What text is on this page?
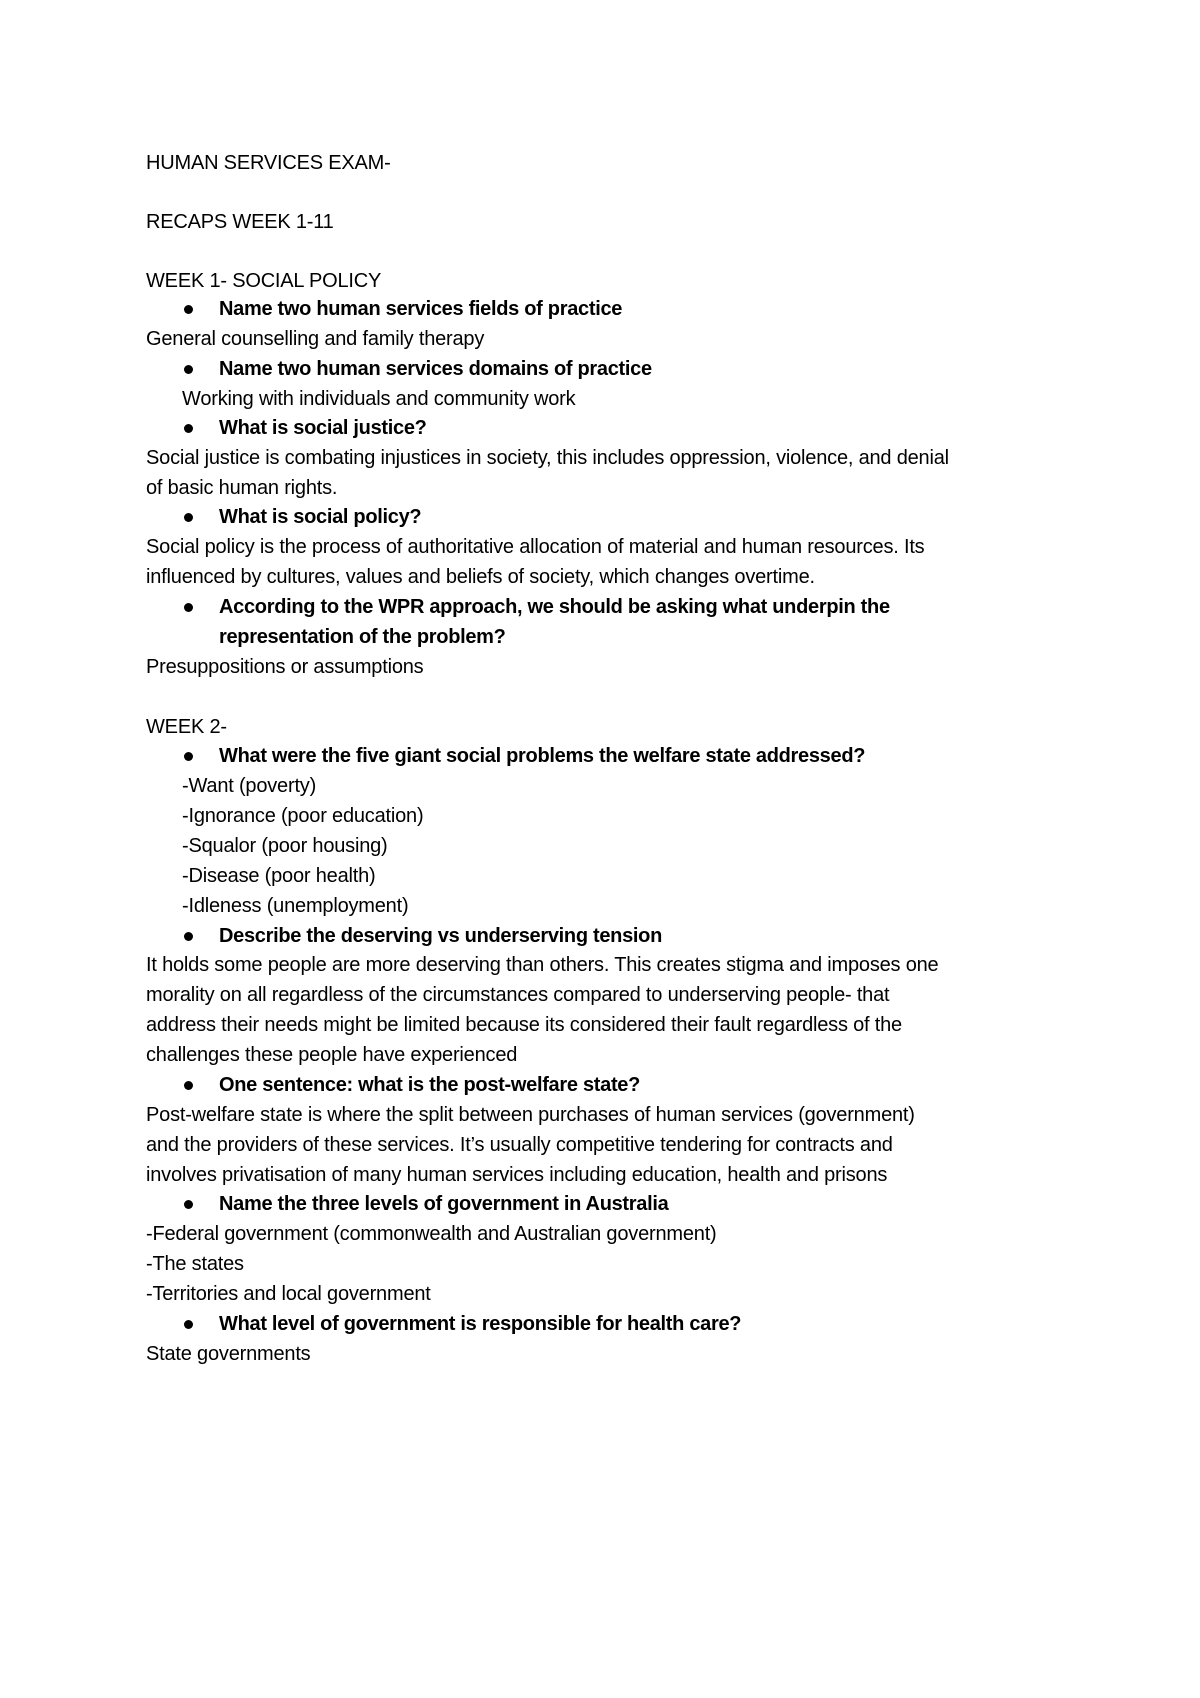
HUMAN SERVICES EXAM-
RECAPS WEEK 1-11
WEEK 1- SOCIAL POLICY
Name two human services fields of practice
General counselling and family therapy
Name two human services domains of practice
Working with individuals and community work
What is social justice?
Social justice is combating injustices in society, this includes oppression, violence, and denial
of basic human rights.
What is social policy?
Social policy is the process of authoritative allocation of material and human resources. Its
influenced by cultures, values and beliefs of society, which changes overtime.
According to the WPR approach, we should be asking what underpin the
representation of the problem?
Presuppositions or assumptions
WEEK 2-
What were the five giant social problems the welfare state addressed?
-Want (poverty)
-Ignorance (poor education)
-Squalor (poor housing)
-Disease (poor health)
-Idleness (unemployment)
Describe the deserving vs underserving tension
It holds some people are more deserving than others. This creates stigma and imposes one
morality on all regardless of the circumstances compared to underserving people- that
address their needs might be limited because its considered their fault regardless of the
challenges these people have experienced
One sentence: what is the post-welfare state?
Post-welfare state is where the split between purchases of human services (government)
and the providers of these services. It’s usually competitive tendering for contracts and
involves privatisation of many human services including education, health and prisons
Name the three levels of government in Australia
-Federal government (commonwealth and Australian government)
-The states
-Territories and local government
What level of government is responsible for health care?
State governments
